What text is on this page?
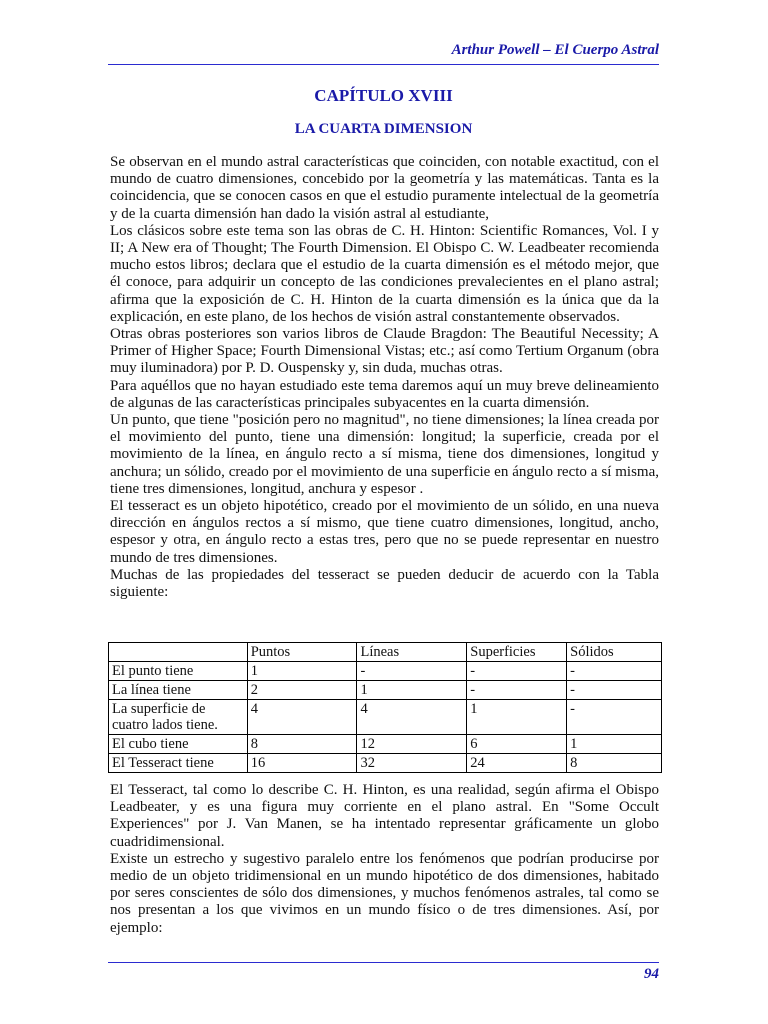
Arthur Powell – El Cuerpo Astral
CAPÍTULO XVIII
LA CUARTA DIMENSION

Se observan en el mundo astral características que coinciden, con notable exactitud, con el mundo de cuatro dimensiones, concebido por la geometría y las matemáticas. Tanta es la coincidencia, que se conocen casos en que el estudio puramente intelectual de la geometría y de la cuarta dimensión han dado la visión astral al estudiante,

Los clásicos sobre este tema son las obras de C. H. Hinton: Scientific Romances, Vol. I y II; A New era of Thought; The Fourth Dimension. El Obispo C. W. Leadbeater recomienda mucho estos libros; declara que el estudio de la cuarta dimensión es el método mejor, que él conoce, para adquirir un concepto de las condiciones prevalecientes en el plano astral; afirma que la exposición de C. H. Hinton de la cuarta dimensión es la única que da la explicación, en este plano, de los hechos de visión astral constantemente observados.

Otras obras posteriores son varios libros de Claude Bragdon: The Beautiful Necessity; A Primer of Higher Space; Fourth Dimensional Vistas; etc.; así como Tertium Organum (obra muy iluminadora) por P. D. Ouspensky y, sin duda, muchas otras.

Para aquéllos que no hayan estudiado este tema daremos aquí un muy breve delineamiento de algunas de las características principales subyacentes en la cuarta dimensión.

Un punto, que tiene "posición pero no magnitud", no tiene dimensiones; la línea creada por el movimiento del punto, tiene una dimensión: longitud; la superficie, creada por el movimiento de la línea, en ángulo recto a sí misma, tiene dos dimensiones, longitud y anchura; un sólido, creado por el movimiento de una superficie en ángulo recto a sí misma, tiene tres dimensiones, longitud, anchura y espesor .

El tesseract es un objeto hipotético, creado por el movimiento de un sólido, en una nueva dirección en ángulos rectos a sí mismo, que tiene cuatro dimensiones, longitud, ancho, espesor y otra, en ángulo recto a estas tres, pero que no se puede representar en nuestro mundo de tres dimensiones.

Muchas de las propiedades del tesseract se pueden deducir de acuerdo con la Tabla siguiente:

	Puntos	Líneas	Superficies	Sólidos
El punto tiene	1	-	-	-
La línea tiene	2	1	-	-
La superficie de cuatro lados tiene.	4	4	1	-
El cubo tiene	8	12	6	1
El Tesseract tiene	16	32	24	8

El Tesseract, tal como lo describe C. H. Hinton, es una realidad, según afirma el Obispo Leadbeater, y es una figura muy corriente en el plano astral. En "Some Occult Experiences" por J. Van Manen, se ha intentado representar gráficamente un globo cuadridimensional.

Existe un estrecho y sugestivo paralelo entre los fenómenos que podrían producirse por medio de un objeto tridimensional en un mundo hipotético de dos dimensiones, habitado por seres conscientes de sólo dos dimensiones, y muchos fenómenos astrales, tal como se nos presentan a los que vivimos en un mundo físico o de tres dimensiones. Así, por ejemplo:

94
